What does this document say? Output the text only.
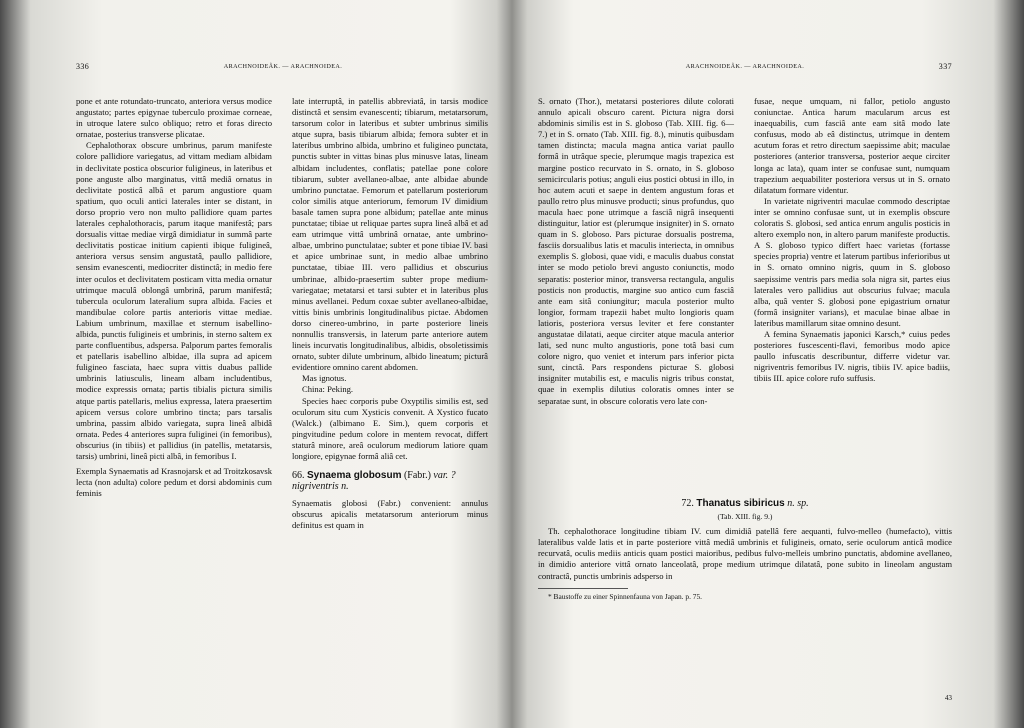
336	ARACHNOIDEÅK. — ARACHNOIDEA.

pone et ante rotundato-truncato, anteriora versus modice angustato; partes epigynae tuberculo proximae corneae, in utroque latere sulco obliquo; retro et foras directo ornatae, posterius transverse plicatae.

Cephalothorax obscure umbrinus, parum manifeste colore pallidiore variegatus, ad vittam mediam albidam in declivitate postica obscurior fuligineus, in lateribus et pone anguste albo marginatus, vittâ mediâ ornatus in declivitate posticâ albâ et parum angustiore quam spatium, quo oculi antici laterales inter se distant, in dorso proprio vero non multo pallidiore quam partes laterales cephalothoracis, parum itaque manifestâ; pars dorsualis vittae mediae virgâ dimidiatur in summâ parte declivitatis posticae initium capienti ibique fuligineâ, anteriora versus sensim angustatâ, paullo pallidiore, sensim evanescenti, mediocriter distinctâ; in medio fere inter oculos et declivitatem posticam vitta media ornatur utrimque maculâ oblongâ umbrinâ, parum manifestâ; tubercula oculorum lateralium supra albida. Facies et mandibulae colore partis anterioris vittae mediae. Labium umbrinum, maxillae et sternum isabellino-albida, punctis fuligineis et umbrinis, in sterno saltem ex parte confluentibus, adspersa. Palporum partes femoralis et patellaris isabellino albidae, illa supra ad apicem fuligineo fasciata, haec supra vittis duabus pallide umbrinis latiusculis, lineam albam includentibus, modice expressis ornata; partis tibialis picturа similis atque partis patellaris, melius expressa, latera praesertim apicem versus colore umbrino tincta; pars tarsalis umbrina, passim albido variegata, supra lineâ albidâ ornata. Pedes 4 anteriores supra fuliginei (in femoribus), obscurius (in tibiis) et pallidius (in patellis, metatarsis, tarsis) umbrini, lineâ picti albâ, in femoribus I.

Exempla Synaematis ad Krasnojarsk et ad Troitzkosavsk lecta (non adulta) colore pedum et dorsi abdominis cum feminis

late interruptâ, in patellis abbreviatâ, in tarsis modice distinctâ et sensim evanescenti; tibiarum, metatarsorum, tarsorum color in lateribus et subter umbrinus similis atque supra, basis tibiarum albida; femora subter et in lateribus umbrino albida, umbrino et fuligineo punctata, punctis subter in vittas binas plus minusve latas, lineam albidam includentes, conflatis; patellae pone colore tibiarum, subter avellaneo-albae, ante albidae abunde umbrino punctatae. Femorum et patellarum posteriorum color similis atque anteriorum, femorum IV dimidium basale tamen supra pone albidum; patellae ante minus punctatae; tibiae ut reliquae partes supra lineâ albâ et ad eam utrimque vittâ umbrinâ ornatae, ante umbrino-albae, umbrino punctulatae; subter et pone tibiae IV. basi et apice umbrinae sunt, in medio albae umbrino punctatae, tibiae III. vero pallidius et obscurius umbrinae, albido-praesertim subter prope medium-variegatae; metatarsi et tarsi subter et in lateribus plus minus avellanei. Pedum coxae subter avellaneo-albidae, vittis binis umbrinis longitudinalibus pictae. Abdomen dorso cinereo-umbrino, in parte posteriore lineis nonnullis transversis, in laterum parte anteriore autem lineis incurvatis longitudinalibus, albidis, obsoletissimis ornato, subter dilute umbrinum, albido lineatum; picturâ evidentiore omnino carent abdomen.

Mas ignotus.

China: Peking.

Species haec corporis pube Oxyptilis similis est, sed oculorum situ cum Xysticis convenit. A Xystico fucato (Walck.) (albimano E. Sim.), quem corporis et pingvitudine pedum colore in mentem revocat, differt staturâ minore, areâ oculorum mediorum latiore quam longiore, epigynae formâ aliâ cet.

66. Synaema globosum (Fabr.) var. ? nigriventris n.

Synaematis globosi (Fabr.) convenient: annulus obscurus apicalis metatarsorum anteriorum minus definitus est quam in

ARACHNOIDEÅK. — ARACHNOIDEA.	337

S. ornato (Thor.), metatarsi posteriores dilute colorati annulo apicali obscuro carent. Pictura nigra dorsi abdominis similis est in S. globoso (Tab. XIII. fig. 6—7.) et in S. ornato (Tab. XIII. fig. 8.), minutis quibusdam tamen distincta; macula magna antica variat paullo formâ in utrâque specie, plerumque magis trapezica est margine postico recurvato in S. ornato, in S. globoso semicircularis potius; anguli eius postici obtusi in illo, in hoc autem acuti et saepe in dentem angustum foras et paullo retro plus minusve producti; sinus profundus, quo macula haec pone utrimque a fasciâ nigrâ insequenti distinguitur, latior est (plerumque insigniter) in S. ornato quam in S. globoso. Pars picturae dorsualis postrema, fasciis dorsualibus latis et maculis interiecta, in omnibus exemplis S. globosi, quae vidi, e maculis duabus constat inter se modo petiolo brevi angusto coniunctis, modo separatis: posterior minor, transversa rectangula, angulis posticis non productis, margine suo antico cum fasciâ ante eam sitâ coniungitur; macula posterior multo longior, formam trapezii habet multo longioris quam latioris, posteriora versus leviter et fere constanter angustatae dilatati, aeque circiter atque macula anterior lati, sed nunc multo angustioris, pone totâ basi cum colore nigro, quo veniet et interum pars inferior picta sunt, cinctâ. Pars respondens picturae S. globosi insigniter mutabilis est, e maculis nigris tribus constat, quae in exemplis dilutius coloratis omnes inter se separatae sunt, in obscure coloratis vero late con-

fusae, neque umquam, ni fallor, petiolo angusto coniunctae. Antica harum macularum arcus est inaequabilis, cum fasciâ ante eam sitâ modo late confusus, modo ab eâ distinctus, utrimque in dentem acutum foras et retro directum saepissime abit; maculae posteriores (anterior transversa, posterior aeque circiter longa ac lata), quam inter se confusae sunt, numquam trapezium aequabiliter posteriora versus ut in S. ornato dilatatum formare videntur.

In varietate nigriventri maculae commodo descriptae inter se omnino confusae sunt, ut in exemplis obscure coloratis S. globosi, sed antica enrum angulis posticis in altero exemplo non, in altero parum manifeste productis. A S. globoso typico differt haec varietas (fortasse species propria) ventre et laterum partibus inferioribus ut in S. ornato omnino nigris, quum in S. globoso saepissime ventris pars media sola nigra sit, partes eius laterales vero pallidius aut obscurius fulvae; macula alba, quâ venter S. globosi pone epigastrium ornatur (formâ insigniter varians), et maculae binae albae in lateribus mamillarum sitae omnino desunt.

A femina Synaematis japonici Karsch,* cuius pedes posteriores fuscescenti-flavi, femoribus modo apice paullo infuscatis describuntur, differre videtur var. nigriventris femoribus IV. nigris, tibiis IV. apice badiis, tibiis III. apice colore rufo suffusis.

72. Thanatus sibiricus n. sp.

(Tab. XIII. fig. 9.)

Th. cephalothorace longitudine tibiam IV. cum dimidiâ patellâ fere aequanti, fulvo-melleo (humefacto), vittis lateralibus valde latis et in parte posteriore vittâ mediâ umbrinis et fuligineis, ornato, serie oculorum anticâ modice recurvatâ, oculis mediis anticis quam postici maioribus, pedibus fulvo-melleis umbrino punctatis, abdomine avellaneo, in dimidio anteriore vittâ ornato lanceolatâ, prope medium utrimque dilatatâ, pone subito in lineolam angustam contractâ, punctis umbrinis adsperso in

* Baustoffe zu einer Spinnenfauna von Japan. p. 75.

43
